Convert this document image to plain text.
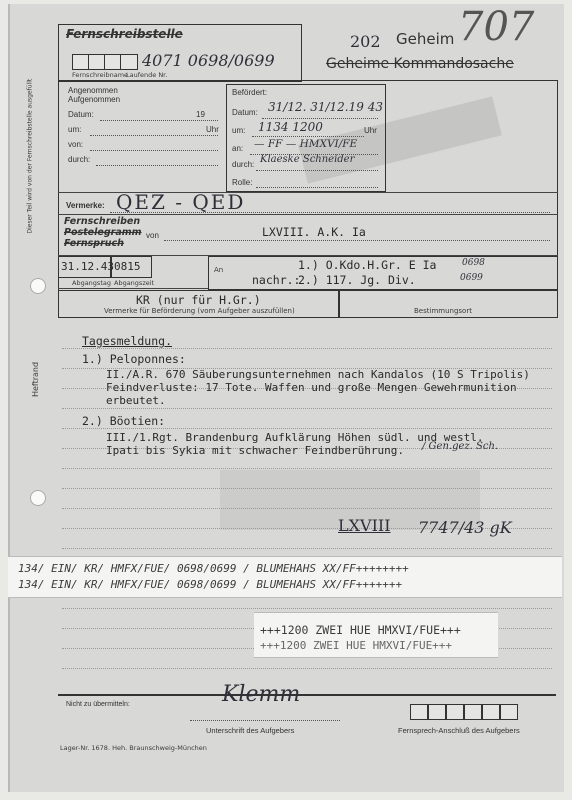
Dieser Teil wird von der Fernschreibstelle ausgefüllt
Heftrand
Fernschreibstelle
4071 0698/0699
Fernschreibname
Laufende Nr.
202 Geheim 707
Geheime Kommandosache
Angenommen
Aufgenommen
Datum:	19
um:	Uhr
von:
durch:
Befördert:
Datum: 31/12. 31/12.19 43
um: 1134 1200	Uhr
an: — FF — HMXVI/FE
durch: Klaeske Schneider
Rolle:
Vermerke: QEZ - QED
Fernschreiben
Postelegramm
Fernspruch
von	LXVIII. A.K. Ia
31.12.43 0815
Abgangstag Abgangszeit
An	1.) O.Kdo.H.Gr. E Ia	0698
nachr.:
2.) 117. Jg. Div.	0699
KR (nur für H.Gr.)
Vermerke für Beförderung (vom Aufgeber auszufüllen)	Bestimmungsort
Tagesmeldung.
1.) Peloponnes:
II./A.R. 670 Säuberungsunternehmen nach Kandalos (10 S Tripolis)
Feindverluste: 17 Tote. Waffen und große Mengen Gewehrmunition
erbeutet.
2.) Böotien:
III./1.Rgt. Brandenburg Aufklärung Höhen südl. und westl.
Ipati bis Sykia mit schwacher Feindberührung. / Gen.gez. Sch.
LXVIII 7747/43 gK
134/ EIN/ KR/ HMFX/FUE/ 0698/0699 / BLUMEHAHS XX/FF++++++++
134/ EIN/ KR/ HMFX/FUE/ 0698/0699 / BLUMEHAHS XX/FF+++++++
+++1200 ZWEI HUE HMXVI/FUE+++
+++1200 ZWEI HUE HMXVI/FUE+++
Nicht zu übermitteln:	Klemm
Unterschrift des Aufgebers	Fernsprech-Anschluß des Aufgebers
Lager-Nr. 1678. Heh. Braunschweig-München
